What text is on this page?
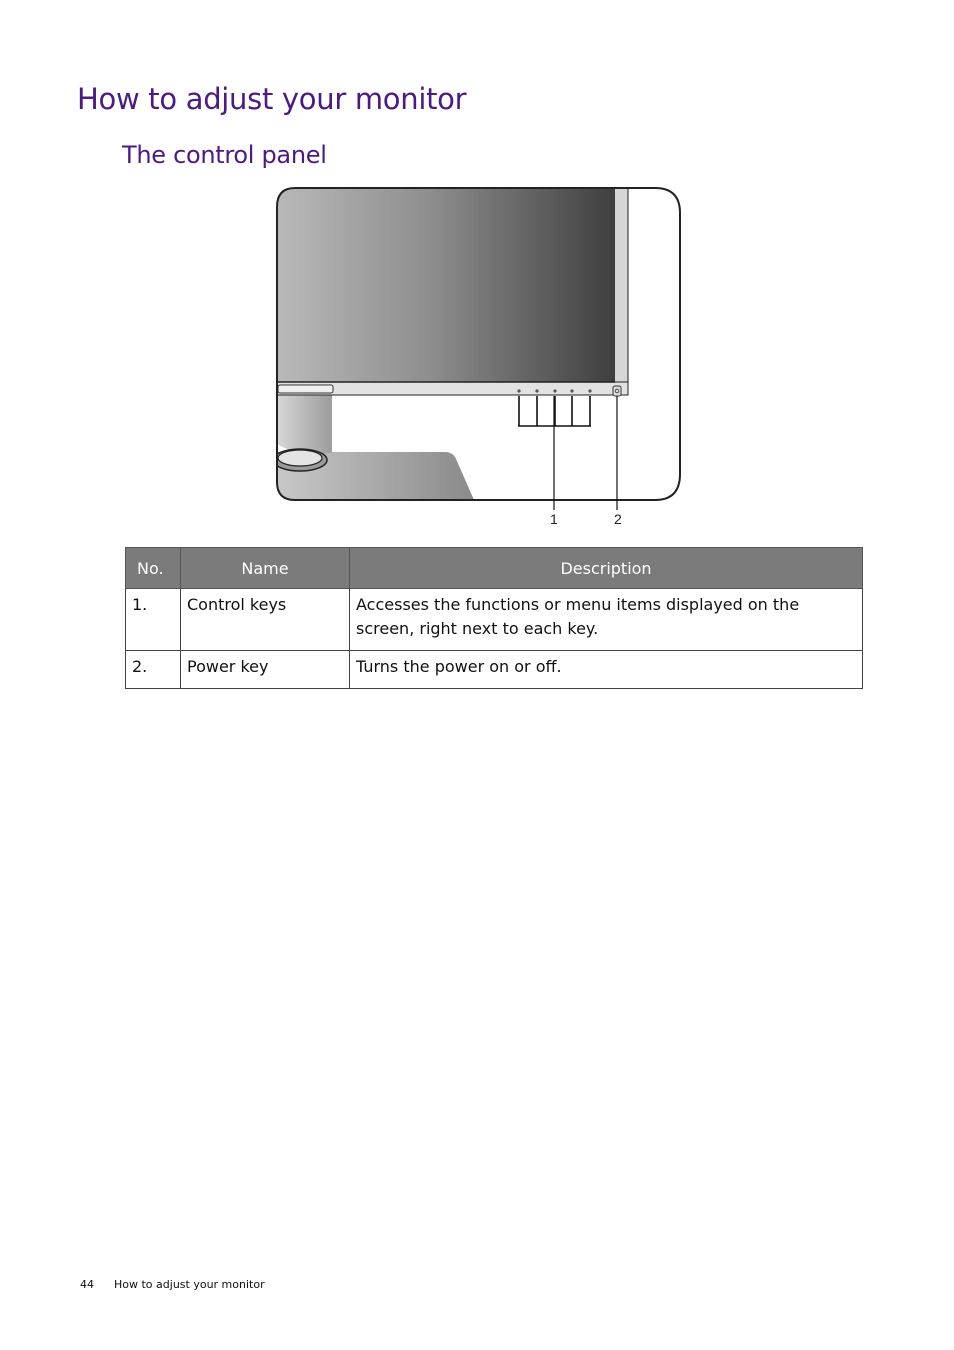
How to adjust your monitor
The control panel
1	2
No.	Name	Description
1.	Control keys	Accesses the functions or menu items displayed on the screen, right next to each key.
2.	Power key	Turns the power on or off.
44 How to adjust your monitor
